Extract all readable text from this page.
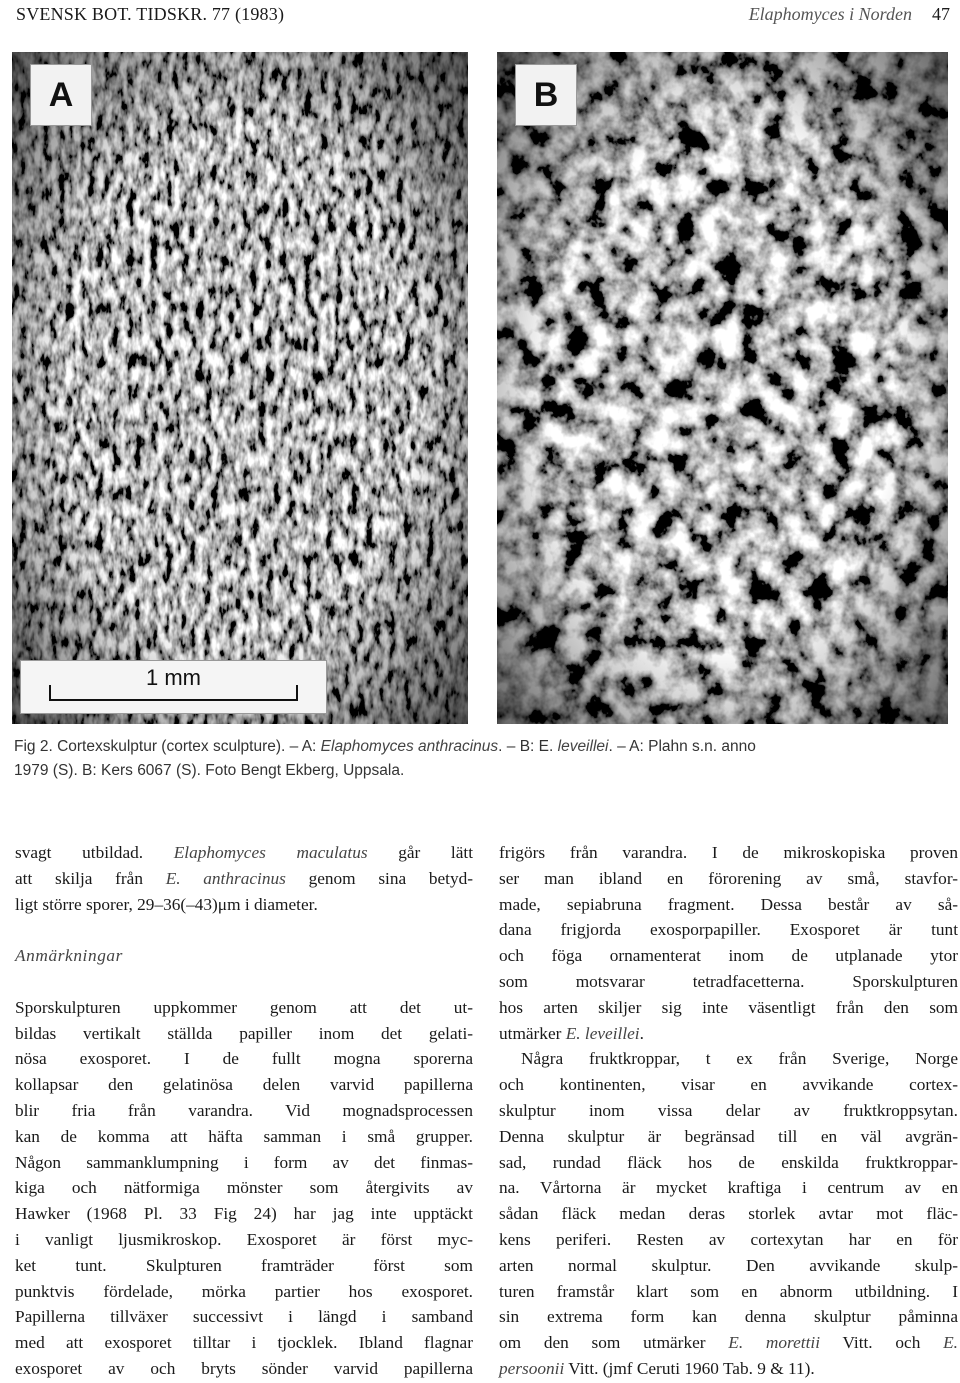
SVENSK BOT. TIDSKR. 77 (1983)	Elaphomyces i Norden 47
A
1 mm
B
Fig 2. Cortexskulptur (cortex sculpture). – A: Elaphomyces anthracinus. – B: E. leveillei. – A: Plahn s.n. anno
1979 (S). B: Kers 6067 (S). Foto Bengt Ekberg, Uppsala.
svagt utbildad. Elaphomyces maculatus går lätt
att skilja från E. anthracinus genom sina betyd-
ligt större sporer, 29–36(–43)μm i diameter.
Anmärkningar
Sporskulpturen uppkommer genom att det ut-
bildas vertikalt ställda papiller inom det gelati-
nösa exosporet. I de fullt mogna sporerna
kollapsar den gelatinösa delen varvid papillerna
blir fria från varandra. Vid mognadsprocessen
kan de komma att häfta samman i små grupper.
Någon sammanklumpning i form av det finmas-
kiga och nätformiga mönster som återgivits av
Hawker (1968 Pl. 33 Fig 24) har jag inte upptäckt
i vanligt ljusmikroskop. Exosporet är först myc-
ket tunt. Skulpturen framträder först som
punktvis fördelade, mörka partier hos exosporet.
Papillerna tillväxer successivt i längd i samband
med att exosporet tilltar i tjocklek. Ibland flagnar
exosporet av och bryts sönder varvid papillerna
frigörs från varandra. I de mikroskopiska proven
ser man ibland en förorening av små, stavfor-
made, sepiabruna fragment. Dessa består av så-
dana frigjorda exosporpapiller. Exosporet är tunt
och föga ornamenterat inom de utplanade ytor
som motsvarar tetradfacetterna. Sporskulpturen
hos arten skiljer sig inte väsentligt från den som
utmärker E. leveillei.
Några fruktkroppar, t ex från Sverige, Norge
och kontinenten, visar en avvikande cortex-
skulptur inom vissa delar av fruktkroppsytan.
Denna skulptur är begränsad till en väl avgrän-
sad, rundad fläck hos de enskilda fruktkroppar-
na. Vårtorna är mycket kraftiga i centrum av en
sådan fläck medan deras storlek avtar mot fläc-
kens periferi. Resten av cortexytan har en för
arten normal skulptur. Den avvikande skulp-
turen framstår klart som en abnorm utbildning. I
sin extrema form kan denna skulptur påminna
om den som utmärker E. morettii Vitt. och E.
persoonii Vitt. (jmf Ceruti 1960 Tab. 9 & 11).
